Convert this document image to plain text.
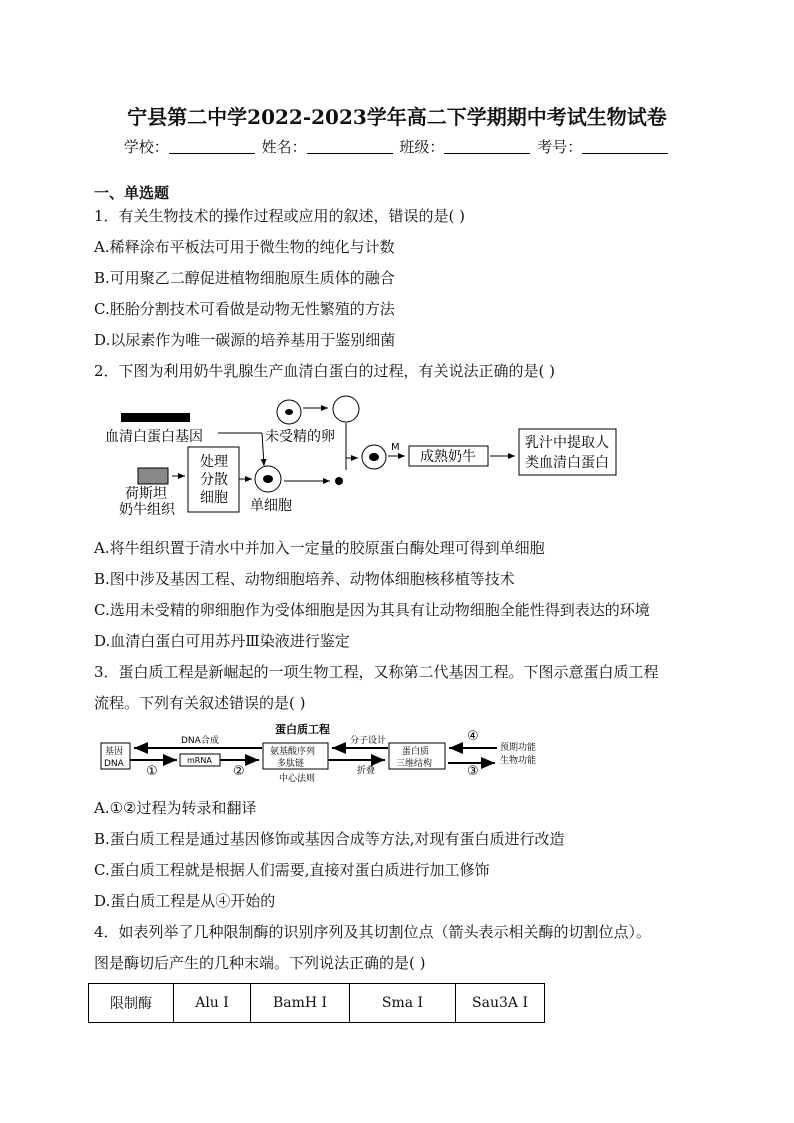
宁县第二中学2022-2023学年高二下学期期中考试生物试卷
学校：	姓名：	班级：	考号：
一、单选题
1．有关生物技术的操作过程或应用的叙述，错误的是( )
A.稀释涂布平板法可用于微生物的纯化与计数
B.可用聚乙二醇促进植物细胞原生质体的融合
C.胚胎分割技术可看做是动物无性繁殖的方法
D.以尿素作为唯一碳源的培养基用于鉴别细菌
2．下图为利用奶牛乳腺生产血清白蛋白的过程，有关说法正确的是( )
血清白蛋白基因
荷斯坦
奶牛组织
处理
分散
细胞
未受精的卵
单细胞
M
成熟奶牛
乳汁中提取人
类血清白蛋白
A.将牛组织置于清水中并加入一定量的胶原蛋白酶处理可得到单细胞
B.图中涉及基因工程、动物细胞培养、动物体细胞核移植等技术
C.选用未受精的卵细胞作为受体细胞是因为其具有让动物细胞全能性得到表达的环境
D.血清白蛋白可用苏丹Ⅲ染液进行鉴定
3．蛋白质工程是新崛起的一项生物工程，又称第二代基因工程。下图示意蛋白质工程
流程。下列有关叙述错误的是( )
蛋白质工程
基因
DNA
DNA合成
①
mRNA
②
氨基酸序列
多肽链
中心法则
分子设计
折叠
蛋白质
三维结构
④
③
预期功能
生物功能
A.①②过程为转录和翻译
B.蛋白质工程是通过基因修饰或基因合成等方法,对现有蛋白质进行改造
C.蛋白质工程就是根据人们需要,直接对蛋白质进行加工修饰
D.蛋白质工程是从④开始的
4．如表列举了几种限制酶的识别序列及其切割位点（箭头表示相关酶的切割位点）。
图是酶切后产生的几种末端。下列说法正确的是( )
限制酶	Alu Ⅰ	BamH Ⅰ	Sma Ⅰ	Sau3A Ⅰ
